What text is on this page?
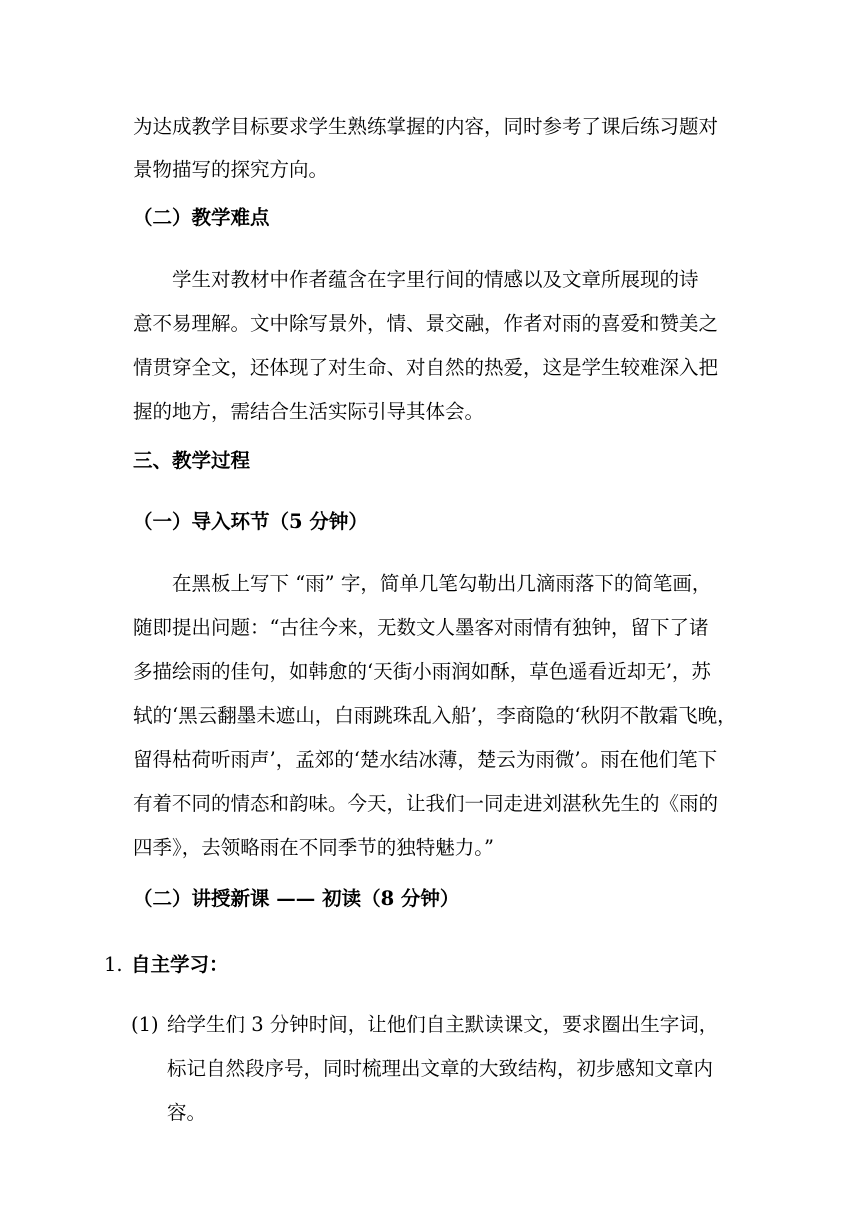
为达成教学目标要求学生熟练掌握的内容，同时参考了课后练习题对
景物描写的探究方向。
（二）教学难点
学生对教材中作者蕴含在字里行间的情感以及文章所展现的诗
意不易理解。文中除写景外，情、景交融，作者对雨的喜爱和赞美之
情贯穿全文，还体现了对生命、对自然的热爱，这是学生较难深入把
握的地方，需结合生活实际引导其体会。
三、教学过程
（一）导入环节（5 分钟）
在黑板上写下 “雨” 字，简单几笔勾勒出几滴雨落下的简笔画，
随即提出问题：“古往今来，无数文人墨客对雨情有独钟，留下了诸
多描绘雨的佳句，如韩愈的‘天街小雨润如酥，草色遥看近却无’，苏
轼的‘黑云翻墨未遮山，白雨跳珠乱入船’，李商隐的‘秋阴不散霜飞晚，
留得枯荷听雨声’，孟郊的‘楚水结冰薄，楚云为雨微’。雨在他们笔下
有着不同的情态和韵味。今天，让我们一同走进刘湛秋先生的《雨的
四季》，去领略雨在不同季节的独特魅力。”
（二）讲授新课 —— 初读（8 分钟）
1. 自主学习：
(1) 给学生们 3 分钟时间，让他们自主默读课文，要求圈出生字词，
标记自然段序号，同时梳理出文章的大致结构，初步感知文章内
容。
